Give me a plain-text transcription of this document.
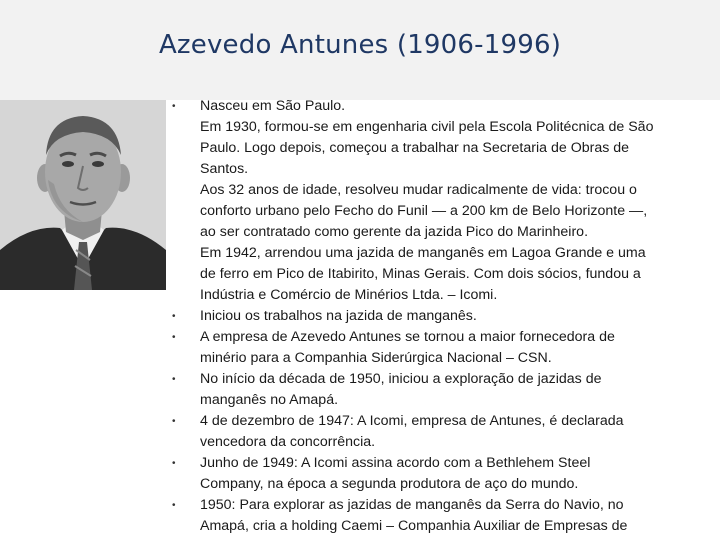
Azevedo Antunes (1906-1996)
• Nasceu em São Paulo.
Em 1930, formou-se em engenharia civil pela Escola Politécnica de São
Paulo. Logo depois, começou a trabalhar na Secretaria de Obras de
Santos.
Aos 32 anos de idade, resolveu mudar radicalmente de vida: trocou o
conforto urbano pelo Fecho do Funil — a 200 km de Belo Horizonte —,
ao ser contratado como gerente da jazida Pico do Marinheiro.
Em 1942, arrendou uma jazida de manganês em Lagoa Grande e uma
de ferro em Pico de Itabirito, Minas Gerais. Com dois sócios, fundou a
Indústria e Comércio de Minérios Ltda. – Icomi.
• Iniciou os trabalhos na jazida de manganês.
• A empresa de Azevedo Antunes se tornou a maior fornecedora de
minério para a Companhia Siderúrgica Nacional – CSN.
• No início da década de 1950, iniciou a exploração de jazidas de
manganês no Amapá.
• 4 de dezembro de 1947: A Icomi, empresa de Antunes, é declarada
vencedora da concorrência.
• Junho de 1949: A Icomi assina acordo com a Bethlehem Steel
Company, na época a segunda produtora de aço do mundo.
• 1950: Para explorar as jazidas de manganês da Serra do Navio, no
Amapá, cria a holding Caemi – Companhia Auxiliar de Empresas de
